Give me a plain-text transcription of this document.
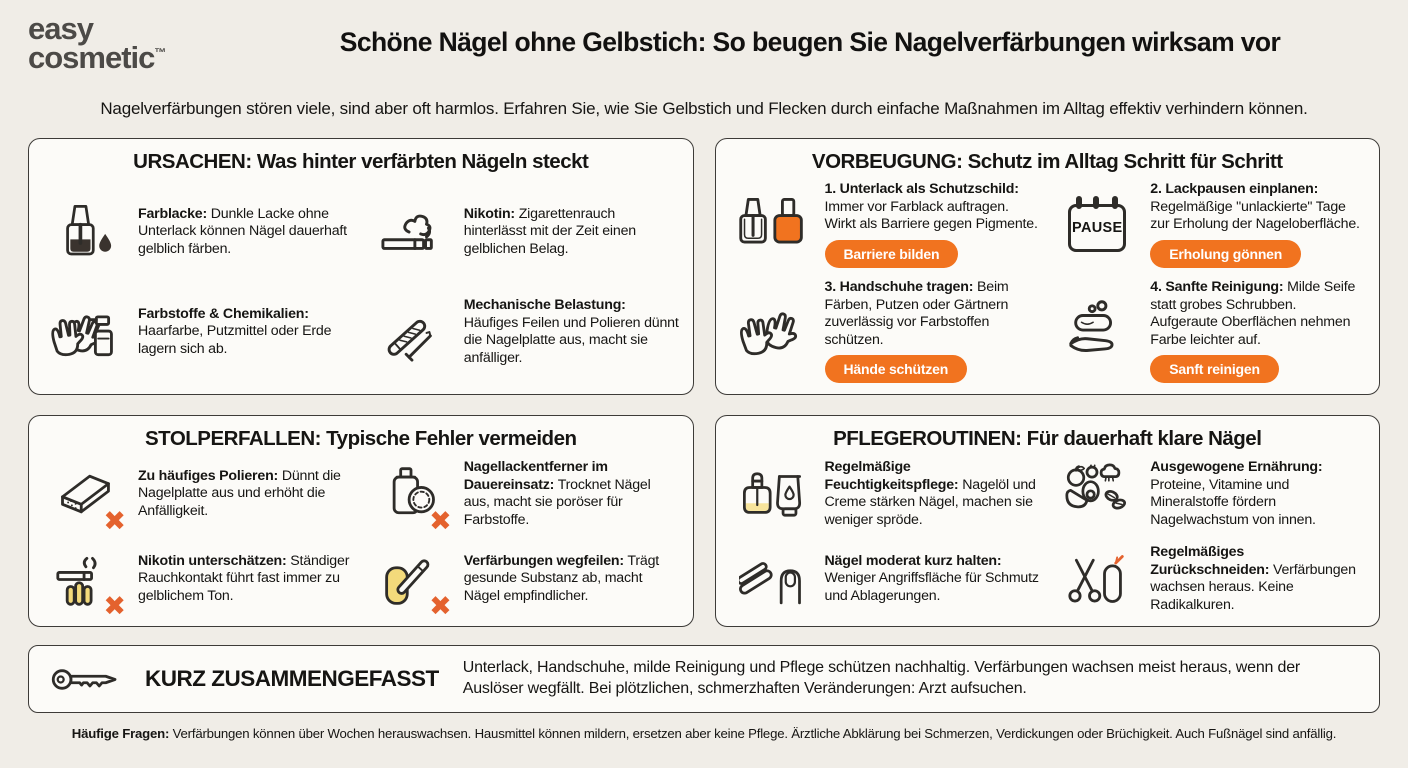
easy
cosmetic™	Schöne Nägel ohne Gelbstich: So beugen Sie Nagelverfärbungen wirksam vor
Nagelverfärbungen stören viele, sind aber oft harmlos. Erfahren Sie, wie Sie Gelbstich und Flecken durch einfache Maßnahmen im Alltag effektiv verhindern können.
URSACHEN: Was hinter verfärbten Nägeln steckt

Farblacke: Dunkle Lacke ohne Unterlack können Nägel dauerhaft gelblich färben.

Nikotin: Zigarettenrauch hinterlässt mit der Zeit einen gelblichen Belag.

Farbstoffe & Chemikalien: Haarfarbe, Putzmittel oder Erde lagern sich ab.

Mechanische Belastung: Häufiges Feilen und Polieren dünnt die Nagelplatte aus, macht sie anfälliger.

VORBEUGUNG: Schutz im Alltag Schritt für Schritt

1. Unterlack als Schutzschild: Immer vor Farblack auftragen. Wirkt als Barriere gegen Pigmente.

Barriere bilden
PAUSE

2. Lackpausen einplanen: Regelmäßige "unlackierte" Tage zur Erholung der Nageloberfläche.

Erholung gönnen

3. Handschuhe tragen: Beim Färben, Putzen oder Gärtnern zuverlässig vor Farbstoffen schützen.

Hände schützen

4. Sanfte Reinigung: Milde Seife statt grobes Schrubben. Aufgeraute Oberflächen nehmen Farbe leichter auf.

Sanft reinigen
STOLPERFALLEN: Typische Fehler vermeiden
✖

Zu häufiges Polieren: Dünnt die Nagelplatte aus und erhöht die Anfälligkeit.	✖

Nagellackentferner im Dauereinsatz: Trocknet Nägel aus, macht sie poröser für Farbstoffe.

✖

Nikotin unterschätzen: Ständiger Rauchkontakt führt fast immer zu gelblichem Ton.	✖

Verfärbungen wegfeilen: Trägt gesunde Substanz ab, macht Nägel empfindlicher.

PFLEGEROUTINEN: Für dauerhaft klare Nägel

Regelmäßige Feuchtigkeitspflege: Nagelöl und Creme stärken Nägel, machen sie weniger spröde.

Ausgewogene Ernährung: Proteine, Vitamine und Mineralstoffe fördern Nagelwachstum von innen.

Nägel moderat kurz halten: Weniger Angriffsfläche für Schmutz und Ablagerungen.

Regelmäßiges Zurückschneiden: Verfärbungen wachsen heraus. Keine Radikalkuren.

KURZ ZUSAMMENGEFASST Unterlack, Handschuhe, milde Reinigung und Pflege schützen nachhaltig. Verfärbungen wachsen meist heraus, wenn der Auslöser wegfällt. Bei plötzlichen, schmerzhaften Veränderungen: Arzt aufsuchen.
Häufige Fragen: Verfärbungen können über Wochen herauswachsen. Hausmittel können mildern, ersetzen aber keine Pflege. Ärztliche Abklärung bei Schmerzen, Verdickungen oder Brüchigkeit. Auch Fußnägel sind anfällig.
